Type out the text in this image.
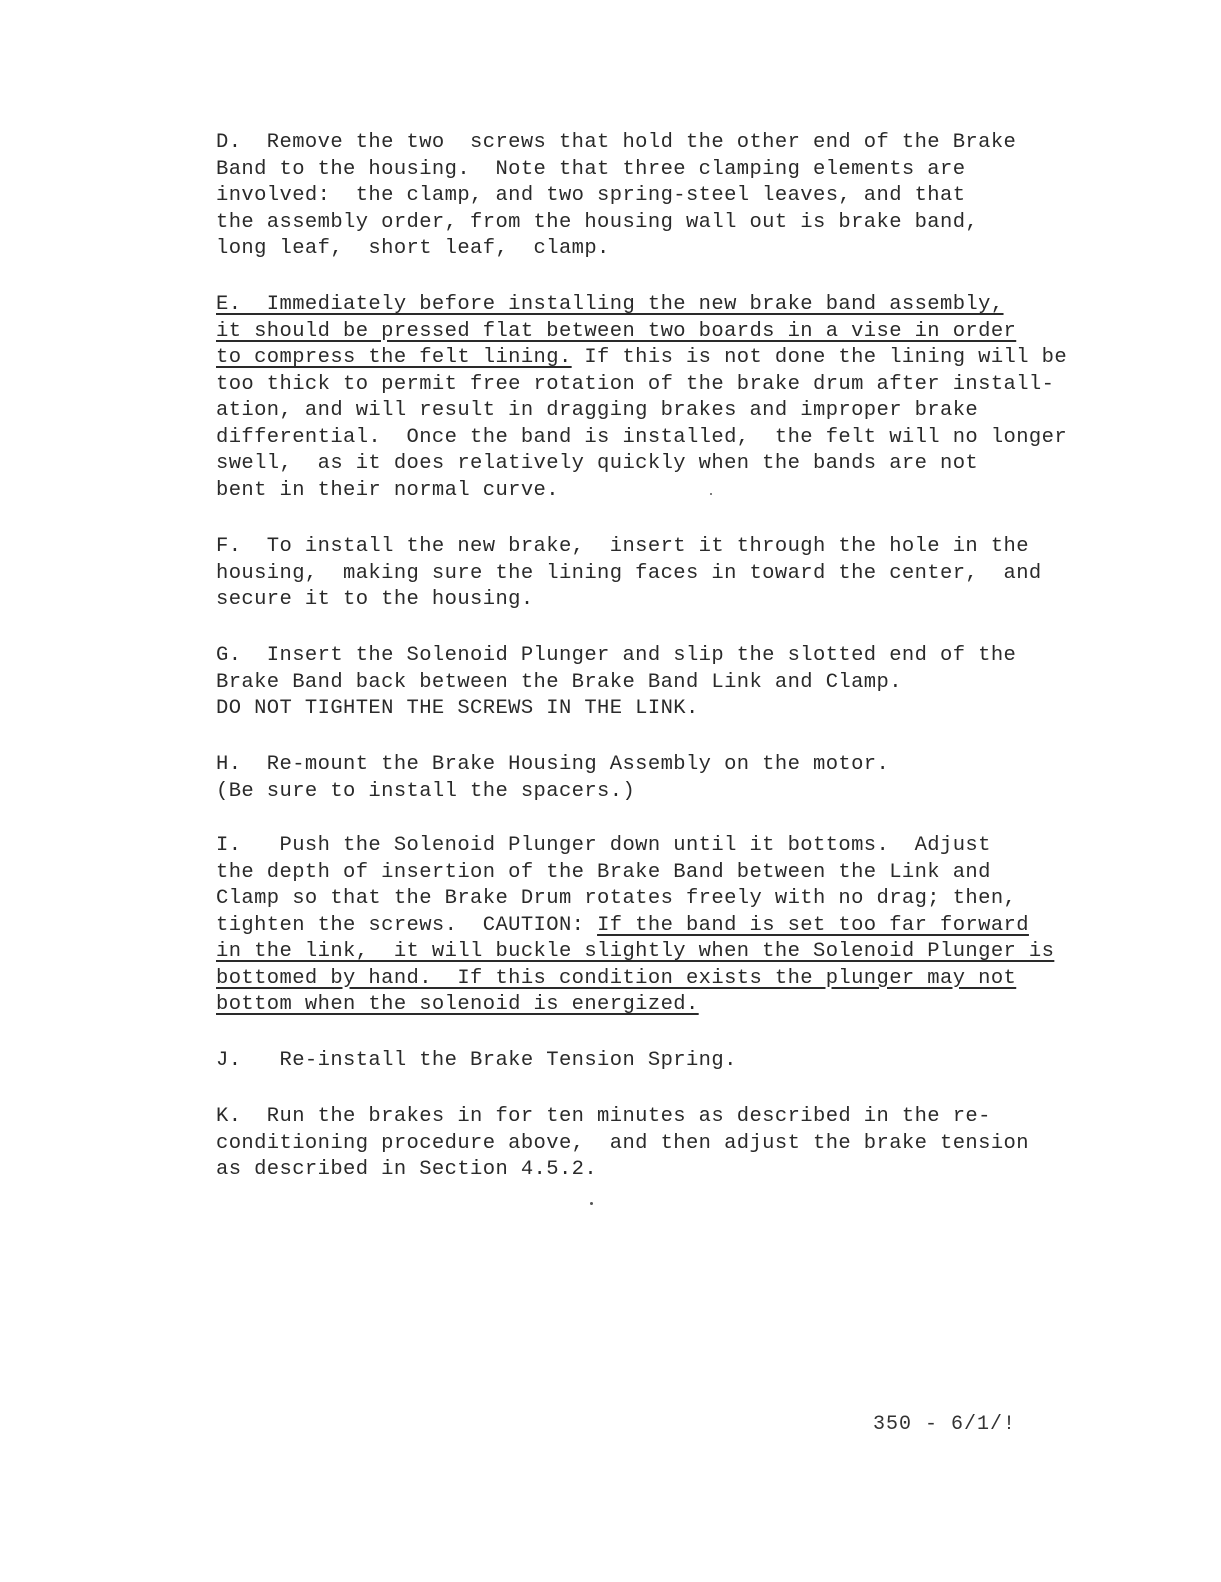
D.  Remove the two  screws that hold the other end of the Brake
Band to the housing.  Note that three clamping elements are
involved:  the clamp, and two spring-steel leaves, and that
the assembly order, from the housing wall out is brake band,
long leaf,  short leaf,  clamp.
E.  Immediately before installing the new brake band assembly,
it should be pressed flat between two boards in a vise in order
to compress the felt lining. If this is not done the lining will be
too thick to permit free rotation of the brake drum after install-
ation, and will result in dragging brakes and improper brake
differential.  Once the band is installed,  the felt will no longer
swell,  as it does relatively quickly when the bands are not
bent in their normal curve.
F.  To install the new brake,  insert it through the hole in the
housing,  making sure the lining faces in toward the center,  and
secure it to the housing.
G.  Insert the Solenoid Plunger and slip the slotted end of the
Brake Band back between the Brake Band Link and Clamp.
DO NOT TIGHTEN THE SCREWS IN THE LINK.
H.  Re-mount the Brake Housing Assembly on the motor.
(Be sure to install the spacers.)
I.   Push the Solenoid Plunger down until it bottoms.  Adjust
the depth of insertion of the Brake Band between the Link and
Clamp so that the Brake Drum rotates freely with no drag; then,
tighten the screws.  CAUTION: If the band is set too far forward
in the link,  it will buckle slightly when the Solenoid Plunger is
bottomed by hand.  If this condition exists the plunger may not
bottom when the solenoid is energized.
J.   Re-install the Brake Tension Spring.
K.  Run the brakes in for ten minutes as described in the re-
conditioning procedure above,  and then adjust the brake tension
as described in Section 4.5.2.
350 - 6/1/!
